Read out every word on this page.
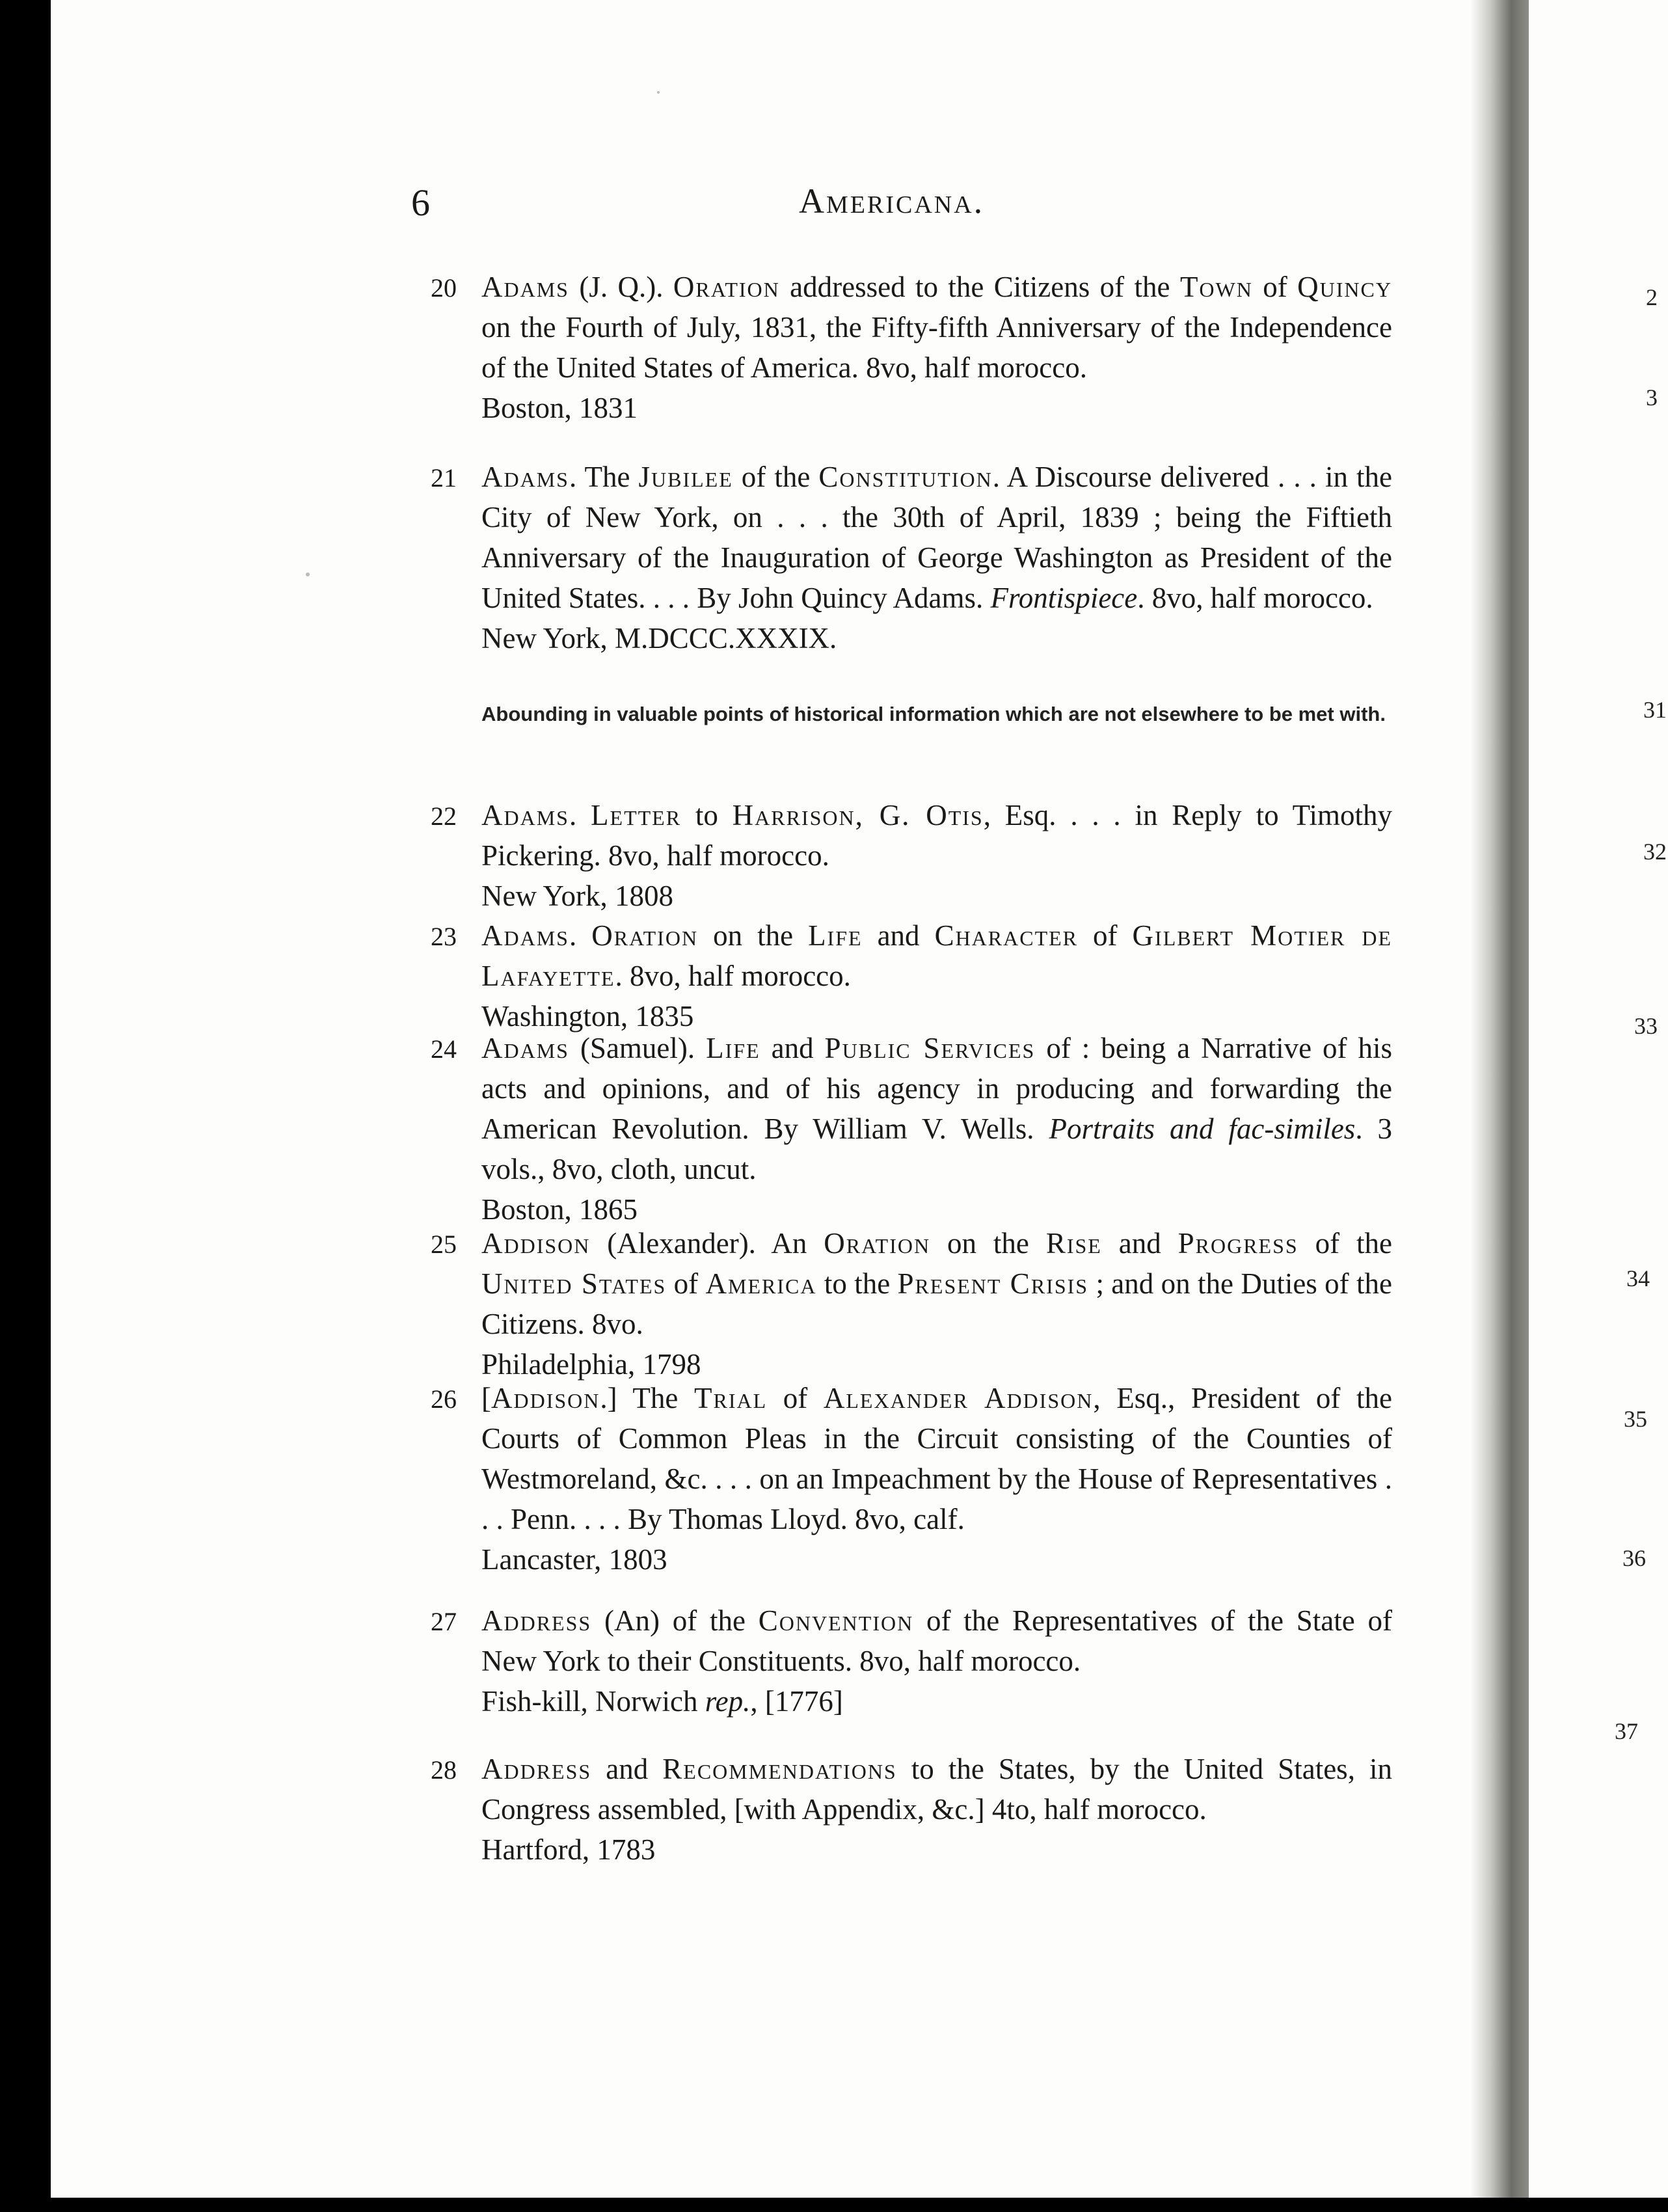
6	Americana.
20 Adams (J. Q.). Oration addressed to the Citizens of the Town of Quincy on the Fourth of July, 1831, the Fifty-fifth Anniversary of the Independence of the United States of America. 8vo, half morocco.

Boston, 1831

21 Adams. The Jubilee of the Constitution. A Discourse delivered . . . in the City of New York, on . . . the 30th of April, 1839 ; being the Fiftieth Anniversary of the Inauguration of George Washington as President of the United States. . . . By John Quincy Adams. Frontispiece. 8vo, half morocco.

New York, M.DCCC.XXXIX.

Abounding in valuable points of historical information which are not elsewhere to be met with.
22 Adams. Letter to Harrison, G. Otis, Esq. . . . in Reply to Timothy Pickering. 8vo, half morocco.

New York, 1808

23 Adams. Oration on the Life and Character of Gilbert Motier de Lafayette. 8vo, half morocco.

Washington, 1835

24 Adams (Samuel). Life and Public Services of : being a Narrative of his acts and opinions, and of his agency in producing and forwarding the American Revolution. By William V. Wells. Portraits and fac-similes. 3 vols., 8vo, cloth, uncut.

Boston, 1865

25 Addison (Alexander). An Oration on the Rise and Progress of the United States of America to the Present Crisis ; and on the Duties of the Citizens. 8vo.

Philadelphia, 1798

26 [Addison.] The Trial of Alexander Addison, Esq., President of the Courts of Common Pleas in the Circuit consisting of the Counties of Westmoreland, &c. . . . on an Impeachment by the House of Representatives . . . Penn. . . . By Thomas Lloyd. 8vo, calf.

Lancaster, 1803

27 Address (An) of the Convention of the Representatives of the State of New York to their Constituents. 8vo, half morocco.

Fish-kill, Norwich rep., [1776]

28 Address and Recommendations to the States, by the United States, in Congress assembled, [with Appendix, &c.] 4to, half morocco.

Hartford, 1783

2
3
31
32
33
34
35
36
37
